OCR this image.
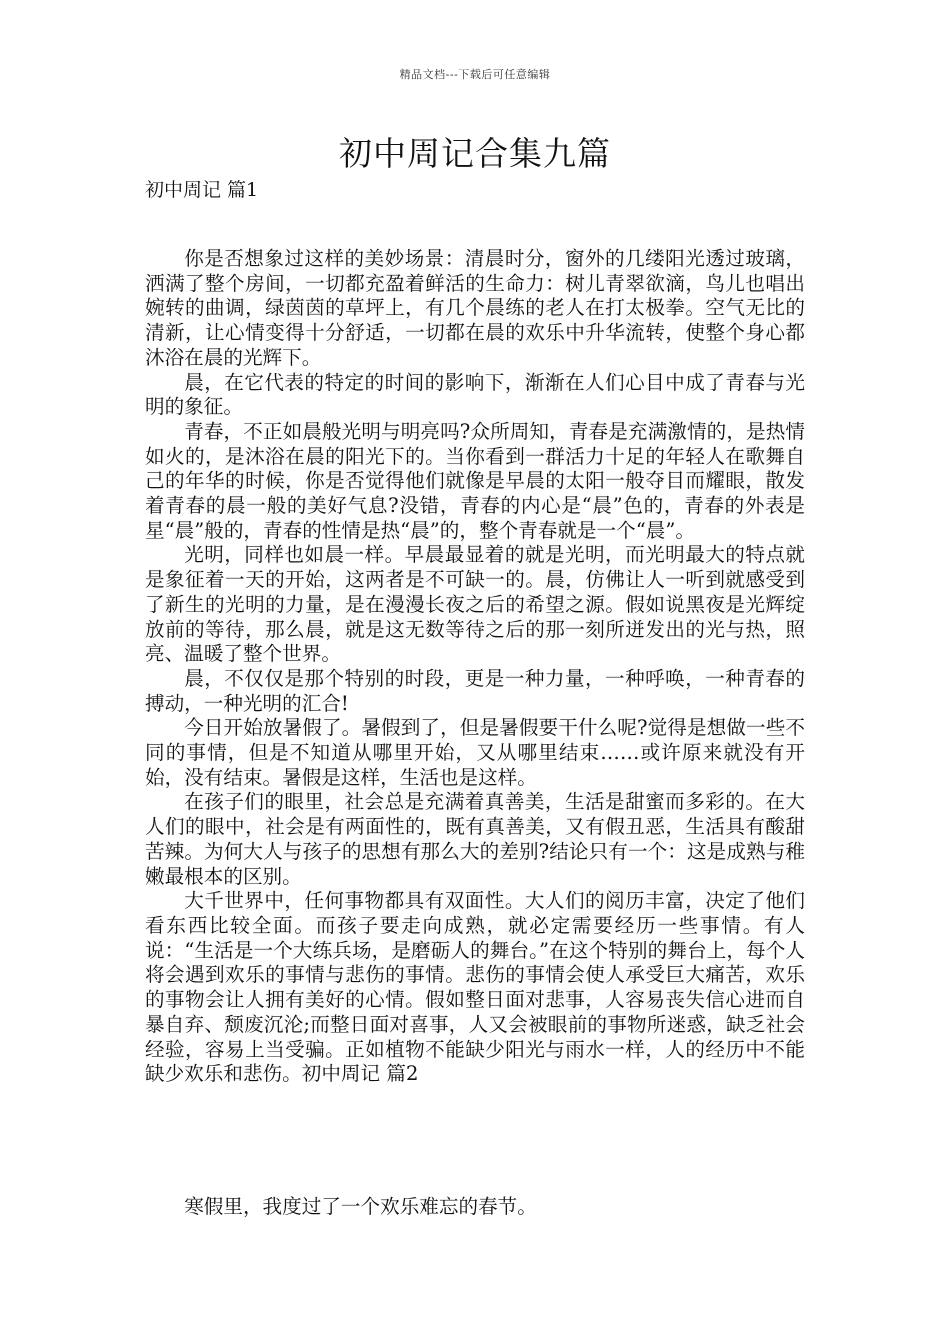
精品文档---下载后可任意编辑
初中周记合集九篇
初中周记 篇1

你是否想象过这样的美妙场景：清晨时分，窗外的几缕阳光透过玻璃，洒满了整个房间，一切都充盈着鲜活的生命力：树儿青翠欲滴，鸟儿也唱出婉转的曲调，绿茵茵的草坪上，有几个晨练的老人在打太极拳。空气无比的清新，让心情变得十分舒适，一切都在晨的欢乐中升华流转，使整个身心都沐浴在晨的光辉下。

晨，在它代表的特定的时间的影响下，渐渐在人们心目中成了青春与光明的象征。

青春，不正如晨般光明与明亮吗?众所周知，青春是充满激情的，是热情如火的，是沐浴在晨的阳光下的。当你看到一群活力十足的年轻人在歌舞自己的年华的时候，你是否觉得他们就像是早晨的太阳一般夺目而耀眼，散发着青春的晨一般的美好气息?没错，青春的内心是“晨”色的，青春的外表是星“晨”般的，青春的性情是热“晨”的，整个青春就是一个“晨”。

光明，同样也如晨一样。早晨最显着的就是光明，而光明最大的特点就是象征着一天的开始，这两者是不可缺一的。晨，仿佛让人一听到就感受到了新生的光明的力量，是在漫漫长夜之后的希望之源。假如说黑夜是光辉绽放前的等待，那么晨，就是这无数等待之后的那一刻所迸发出的光与热，照亮、温暖了整个世界。

晨，不仅仅是那个特别的时段，更是一种力量，一种呼唤，一种青春的搏动，一种光明的汇合!

今日开始放暑假了。暑假到了，但是暑假要干什么呢?觉得是想做一些不同的事情，但是不知道从哪里开始，又从哪里结束……或许原来就没有开始，没有结束。暑假是这样，生活也是这样。

在孩子们的眼里，社会总是充满着真善美，生活是甜蜜而多彩的。在大人们的眼中，社会是有两面性的，既有真善美，又有假丑恶，生活具有酸甜苦辣。为何大人与孩子的思想有那么大的差别?结论只有一个：这是成熟与稚嫩最根本的区别。

大千世界中，任何事物都具有双面性。大人们的阅历丰富，决定了他们看东西比较全面。而孩子要走向成熟，就必定需要经历一些事情。有人说：“生活是一个大练兵场，是磨砺人的舞台。”在这个特别的舞台上，每个人将会遇到欢乐的事情与悲伤的事情。悲伤的事情会使人承受巨大痛苦，欢乐的事物会让人拥有美好的心情。假如整日面对悲事，人容易丧失信心进而自暴自弃、颓废沉沦;而整日面对喜事，人又会被眼前的事物所迷惑，缺乏社会经验，容易上当受骗。正如植物不能缺少阳光与雨水一样，人的经历中不能缺少欢乐和悲伤。初中周记 篇2

寒假里，我度过了一个欢乐难忘的春节。
